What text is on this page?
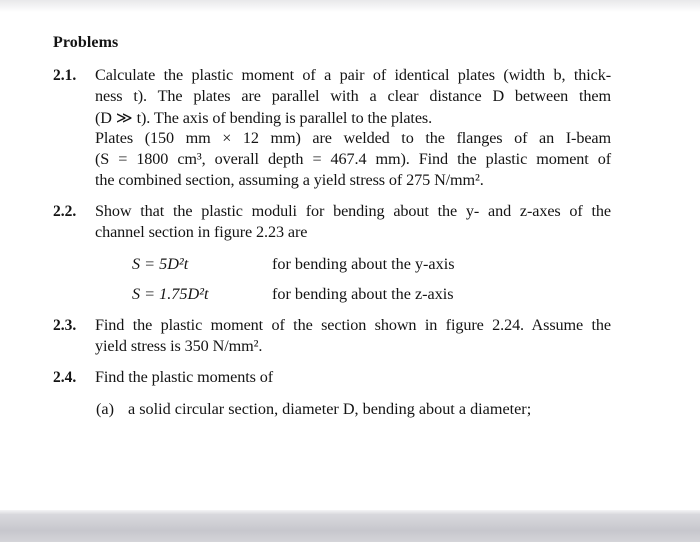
Problems
2.1. Calculate the plastic moment of a pair of identical plates (width b, thick-
ness t). The plates are parallel with a clear distance D between them
(D ≫ t). The axis of bending is parallel to the plates.
Plates (150 mm × 12 mm) are welded to the flanges of an I-beam
(S = 1800 cm³, overall depth = 467.4 mm). Find the plastic moment of
the combined section, assuming a yield stress of 275 N/mm².
2.2. Show that the plastic moduli for bending about the y- and z-axes of the
channel section in figure 2.23 are
S = 5D²t	for bending about the y-axis
S = 1.75D²t	for bending about the z-axis
2.3. Find the plastic moment of the section shown in figure 2.24. Assume the
yield stress is 350 N/mm².
2.4. Find the plastic moments of
(a) a solid circular section, diameter D, bending about a diameter;
